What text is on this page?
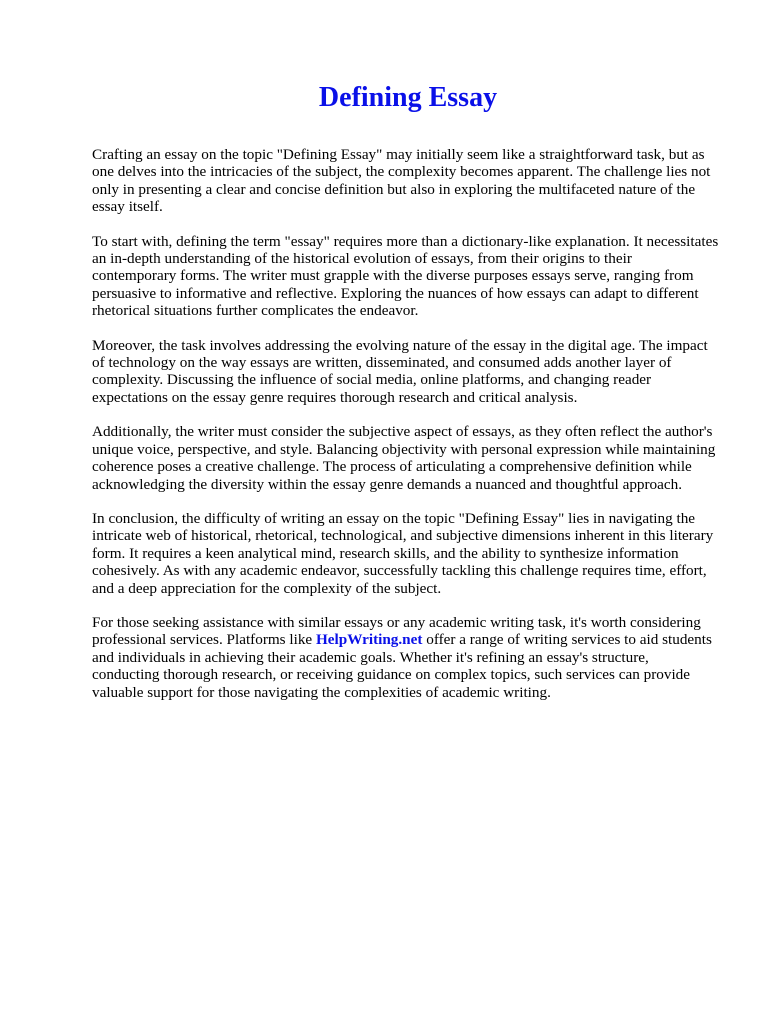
Defining Essay

Crafting an essay on the topic "Defining Essay" may initially seem like a straightforward task, but as one delves into the intricacies of the subject, the complexity becomes apparent. The challenge lies not only in presenting a clear and concise definition but also in exploring the multifaceted nature of the essay itself.

To start with, defining the term "essay" requires more than a dictionary-like explanation. It necessitates an in-depth understanding of the historical evolution of essays, from their origins to their contemporary forms. The writer must grapple with the diverse purposes essays serve, ranging from persuasive to informative and reflective. Exploring the nuances of how essays can adapt to different rhetorical situations further complicates the endeavor.

Moreover, the task involves addressing the evolving nature of the essay in the digital age. The impact of technology on the way essays are written, disseminated, and consumed adds another layer of complexity. Discussing the influence of social media, online platforms, and changing reader expectations on the essay genre requires thorough research and critical analysis.

Additionally, the writer must consider the subjective aspect of essays, as they often reflect the author's unique voice, perspective, and style. Balancing objectivity with personal expression while maintaining coherence poses a creative challenge. The process of articulating a comprehensive definition while acknowledging the diversity within the essay genre demands a nuanced and thoughtful approach.

In conclusion, the difficulty of writing an essay on the topic "Defining Essay" lies in navigating the intricate web of historical, rhetorical, technological, and subjective dimensions inherent in this literary form. It requires a keen analytical mind, research skills, and the ability to synthesize information cohesively. As with any academic endeavor, successfully tackling this challenge requires time, effort, and a deep appreciation for the complexity of the subject.

For those seeking assistance with similar essays or any academic writing task, it's worth considering professional services. Platforms like HelpWriting.net offer a range of writing services to aid students and individuals in achieving their academic goals. Whether it's refining an essay's structure, conducting thorough research, or receiving guidance on complex topics, such services can provide valuable support for those navigating the complexities of academic writing.
